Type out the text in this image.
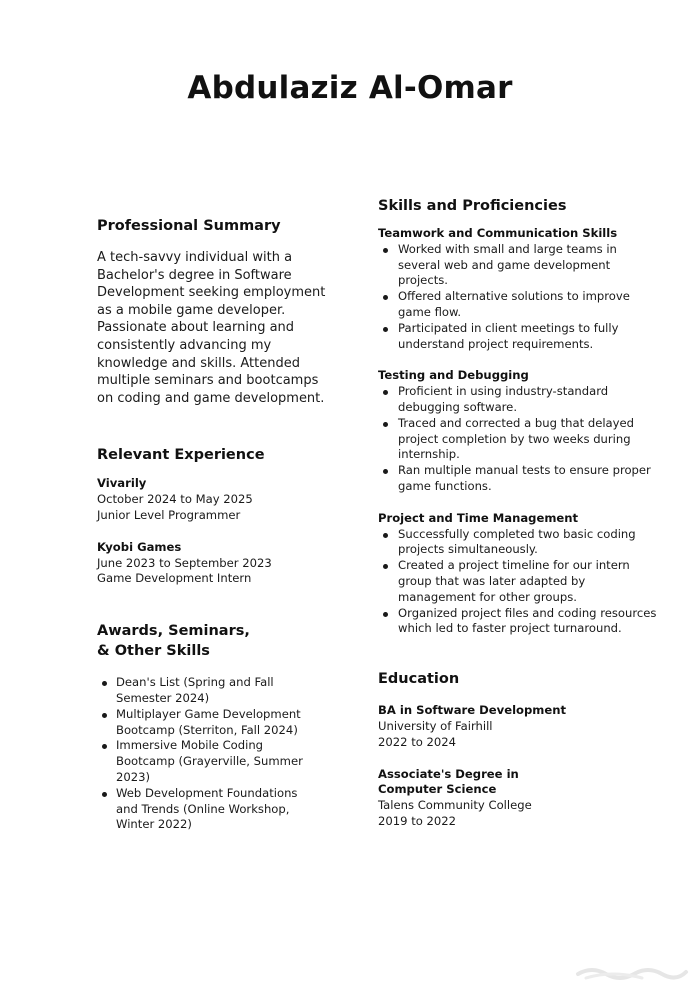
Abdulaziz Al-Omar
Professional Summary
A tech-savvy individual with a Bachelor's degree in Software Development seeking employment as a mobile game developer. Passionate about learning and consistently advancing my knowledge and skills. Attended multiple seminars and bootcamps on coding and game development.
Relevant Experience
Vivarily
October 2024 to May 2025
Junior Level Programmer
Kyobi Games
June 2023 to September 2023
Game Development Intern
Awards, Seminars,
& Other Skills
Dean's List (Spring and Fall Semester 2024)
Multiplayer Game Development Bootcamp (Sterriton, Fall 2024)
Immersive Mobile Coding Bootcamp (Grayerville, Summer 2023)
Web Development Foundations and Trends (Online Workshop, Winter 2022)
Skills and Proficiencies
Teamwork and Communication Skills
Worked with small and large teams in several web and game development projects.
Offered alternative solutions to improve game flow.
Participated in client meetings to fully understand project requirements.
Testing and Debugging
Proficient in using industry-standard debugging software.
Traced and corrected a bug that delayed project completion by two weeks during internship.
Ran multiple manual tests to ensure proper game functions.
Project and Time Management
Successfully completed two basic coding projects simultaneously.
Created a project timeline for our intern group that was later adapted by management for other groups.
Organized project files and coding resources which led to faster project turnaround.
Education
BA in Software Development
University of Fairhill
2022 to 2024
Associate's Degree in Computer Science
Talens Community College
2019 to 2022
